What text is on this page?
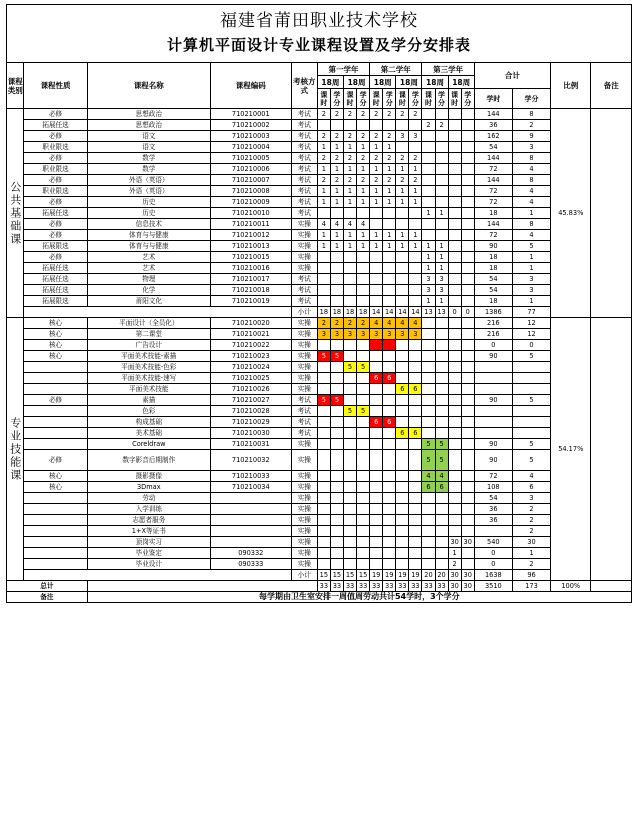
福建省莆田职业技术学校
计算机平面设计专业课程设置及学分安排表
课程类别	课程性质	课程名称	课程编码	考核方式	第一学年				第二学年				第三学年				合计		比例	备注
					18周		18周		18周		18周		18周		18周					
					课时	学分	课时	学分	课时	学分	课时	学分	课时	学分	课时	学分	学时	学分		
公共基础课	必修	思想政治	710210001	考试	2	2	2	2	2	2	2	2					144	8	45.83%	
	拓展任选	思想政治	710210002	考试									2	2			36	2		
	必修	语文	710210003	考试	2	2	2	2	2	2	3	3					162	9		
	职业限选	语文	710210004	考试	1	1	1	1	1	1							54	3		
	必修	数学	710210005	考试	2	2	2	2	2	2	2	2					144	8		
	职业限选	数学	710210006	考试	1	1	1	1	1	1	1	1					72	4		
	必修	外语（英语）	710210007	考试	2	2	2	2	2	2	2	2					144	8		
	职业限选	外语（英语）	710210008	考试	1	1	1	1	1	1	1	1					72	4		
	必修	历史	710210009	考试	1	1	1	1	1	1	1	1					72	4		
	拓展任选	历史	710210010	考试									1	1			18	1		
	必修	信息技术	710210011	实操	4	4	4	4									144	8		
	必修	体育与与健康	710210012	实操	1	1	1	1	1	1	1	1					72	4		
	拓展限选	体育与与健康	710210013	实操	1	1	1	1	1	1	1	1	1	1			90	5		
	必修	艺术	710210015	实操									1	1			18	1		
	拓展任选	艺术	710210016	实操									1	1			18	1		
	拓展任选	物理	710210017	考试									3	3			54	3		
	拓展任选	化学	710210018	考试									3	3			54	3		
	拓展限选	莆阳文化	710210019	考试									1	1			18	1		
				小计	18	18	18	18	14	14	14	14	13	13	0	0	1386	77		
专业技能课	核心	平面设计（全员化）	710210020	实操	2	2	2	2	4	4	4	4					216	12	54.17%	
	核心	第二课堂	710210021	实操	3	3	3	3	3	3	3	3					216	12		
	核心	广告设计	710210022	实操													0	0		
	核心	平面美术技能-素描	710210023	实操	5	5											90	5		
		平面美术技能-色彩	710210024	实操			5	5												
		平面美术技能-速写	710210025	实操					6	6										
		平面美术技能	710210026	实操							6	6								
	必修	素描	710210027	考试	5	5											90	5		
		色彩	710210028	考试			5	5												
		构成基础	710210029	考试					6	6										
		美术基础	710210030	考试							6	6								
		Coreldraw	710210031	实操									5	5			90	5		
	必修	数字影音后期制作	710210032	实操									5	5			90	5		
	核心	摄影摄像	710210033	实操									4	4			72	4		
	核心	3Dmax	710210034	实操									6	6			108	6		
		劳动		实操													54	3		
		入学训练		实操													36	2		
		志愿者服务		实操													36	2		
		1+X等证书		实操														2		
		顶岗实习		实操											30	30	540	30		
		毕业鉴定	090332	实操											1		0	1		
		毕业设计	090333	实操											2		0	2		
				小计	15	15	15	15	19	19	19	19	20	20	30	30	1638	96		
总计					33	33	33	33	33	33	33	33	33	33	30	30	3510	173	100%	
备注		每学期由卫生室安排一周值周劳动共计54学时，3个学分																		
